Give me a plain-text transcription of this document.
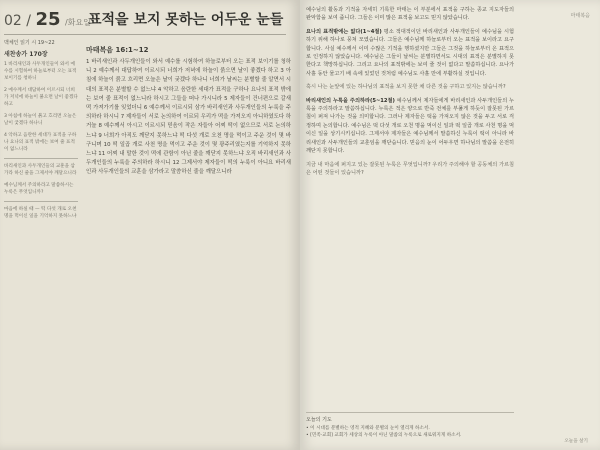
02 / 25 /화요일
표적을 보지 못하는 어두운 눈들
맥체인 읽기 시 19~22
새찬송가 170장

1 바리새인과 사두개인들이 와서 예수를 시험하여 하늘로부터 오는 표적 보이기를 청하니

2 예수께서 대답하여 이르시되 너희가 저녁에 하늘이 붉으면 날이 좋겠다 하고

3 아침에 하늘이 붉고 흐리면 오늘은 날이 궂겠다 하나니

4 악하고 음란한 세대가 표적을 구하나 요나의 표적 밖에는 보여 줄 표적이 없느니라

바리새인과 사두개인들의 교훈을 삼가라 하신 줄을 그제서야 깨달으니라

예수님께서 주의하라고 말씀하시는 누룩은 무엇입니까?

마음에 하실 때 — 떡 다섯 개로 오천 명을 먹이신 일을 기억하지 못하느냐

마태복음 16:1~12
1 바리새인과 사두개인들이 와서 예수를 시험하여 하늘로부터 오는 표적 보이기를 청하니 2 예수께서 대답하여 이르시되 너희가 저녁에 하늘이 붉으면 날이 좋겠다 하고 3 아침에 하늘이 붉고 흐리면 오늘은 날이 궂겠다 하나니 너희가 날씨는 분별할 줄 알면서 시대의 표적은 분별할 수 없느냐 4 악하고 음란한 세대가 표적을 구하나 요나의 표적 밖에는 보여 줄 표적이 없느니라 하시고 그들을 떠나 가시니라 5 제자들이 건너편으로 갈새 떡 가져가기를 잊었더니 6 예수께서 이르시되 삼가 바리새인과 사두개인들의 누룩을 주의하라 하시니 7 제자들이 서로 논의하여 이르되 우리가 떡을 가져오지 아니하였도다 하거늘 8 예수께서 아시고 이르시되 믿음이 작은 자들아 어찌 떡이 없으므로 서로 논의하느냐 9 너희가 아직도 깨닫지 못하느냐 떡 다섯 개로 오천 명을 먹이고 주운 것이 몇 바구니며 10 떡 일곱 개로 사천 명을 먹이고 주운 것이 몇 광주리였는지를 기억하지 못하느냐 11 어찌 내 말한 것이 떡에 관함이 아닌 줄을 깨닫지 못하느냐 오직 바리새인과 사두개인들의 누룩을 주의하라 하시니 12 그제서야 제자들이 떡의 누룩이 아니요 바리새인과 사두개인들의 교훈을 삼가라고 말씀하신 줄을 깨달으니라
마태복음

예수님의 활동과 기적을 자세히 기록한 마태는 이 부분에서 표적을 구하는 종교 지도자들의 완악함을 보여 줍니다. 그들은 이미 많은 표적을 보고도 믿지 않았습니다.

요나의 표적밖에는 없다(1~4절) 평소 적대적이던 바리새인과 사두개인들이 예수님을 시험하기 위해 하나로 뭉쳐 모였습니다. 그들은 예수님께 하늘로부터 오는 표적을 보이라고 요구합니다. 사실 예수께서 이미 수많은 기적을 행하셨지만 그들은 그것을 하늘로부터 온 표적으로 인정하지 않았습니다. 예수님은 그들이 날씨는 분별하면서도 시대의 표적은 분별하지 못한다고 책망하십니다. 그리고 요나의 표적밖에는 보여 줄 것이 없다고 말씀하십니다. 요나가 사흘 동안 물고기 배 속에 있었던 것처럼 예수님도 사흘 만에 부활하실 것입니다.

혹시 나는 눈앞에 있는 하나님의 표적을 보지 못한 채 다른 것을 구하고 있지는 않습니까?

바리새인의 누룩을 주의하라(5~12절) 예수님께서 제자들에게 바리새인과 사두개인들의 누룩을 주의하라고 말씀하십니다. 누룩은 적은 양으로 반죽 전체를 부풀게 하듯이 잘못된 가르침이 퍼져 나가는 것을 의미합니다. 그러나 제자들은 떡을 가져오지 않은 것을 두고 서로 걱정하며 논의합니다. 예수님은 떡 다섯 개로 오천 명을 먹이신 일과 떡 일곱 개로 사천 명을 먹이신 일을 상기시키십니다. 그제서야 제자들은 예수님께서 말씀하신 누룩이 떡이 아니라 바리새인과 사두개인들의 교훈임을 깨닫습니다. 믿음의 눈이 어두우면 하나님의 말씀을 온전히 깨닫지 못합니다.

지금 내 마음에 퍼지고 있는 잘못된 누룩은 무엇입니까? 우리가 주의해야 할 공동체의 가르침은 어떤 것들이 있습니까?

오늘의 기도
• 이 시대를 분별하는 영적 지혜와 분별의 눈이 열리게 하소서.
• [민족·교회] 교회가 세상의 누룩이 아닌 말씀의 누룩으로 새로워지게 하소서.
오늘을 살기
